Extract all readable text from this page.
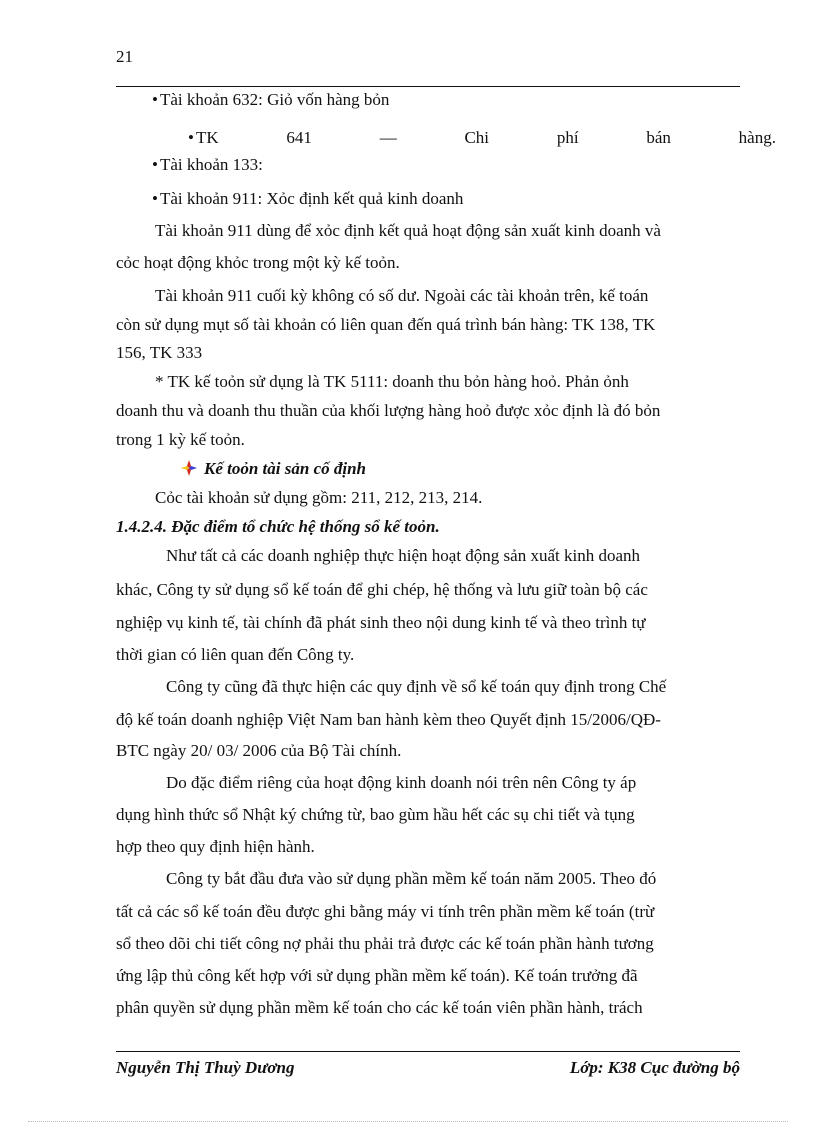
21
• Tài khoản 632: Giỏ vốn hàng bỏn
• TK	641	—	Chi	phí	bán	hàng.
• Tài khoản 133:
• Tài khoản 911: Xỏc định kết quả kinh doanh
Tài khoản 911 dùng để xỏc định kết quả hoạt động sản xuất kinh doanh và
cỏc hoạt động khỏc trong một kỳ kế toỏn.
Tài khoản 911 cuối kỳ không có số dư. Ngoài các tài khoản trên, kế toán
còn sử dụng mụt số tài khoản có liên quan đến quá trình bán hàng: TK 138, TK
156, TK 333
* TK kế toỏn sử dụng là TK 5111: doanh thu bỏn hàng hoỏ. Phản ỏnh
doanh thu và doanh thu thuần của khối lượng hàng hoỏ được xỏc định là đó bỏn
trong 1 kỳ kế toỏn.
Kế toỏn tài sản cố định
Cỏc tài khoản sử dụng gồm: 211, 212, 213, 214.
1.4.2.4. Đặc điểm tổ chức hệ thống sổ kế toỏn.
Như tất cả các doanh nghiệp thực hiện hoạt động sản xuất kinh doanh
khác, Công ty sử dụng sổ kế toán để ghi chép, hệ thống và lưu giữ toàn bộ các
nghiệp vụ kinh tế, tài chính đã phát sinh theo nội dung kinh tế và theo trình tự
thời gian có liên quan đến Công ty.
Công ty cũng đã thực hiện các quy định về sổ kế toán quy định trong Chế
độ kế toán doanh nghiệp Việt Nam ban hành kèm theo Quyết định 15/2006/QĐ-
BTC ngày 20/ 03/ 2006 của Bộ Tài chính.
Do đặc điểm riêng của hoạt động kinh doanh nói trên nên Công ty áp
dụng hình thức sổ Nhật ký chứng từ, bao gùm hầu hết các sụ chi tiết và tụng
hợp theo quy định hiện hành.
Công ty bắt đầu đưa vào sử dụng phần mềm kế toán năm 2005. Theo đó
tất cả các sổ kế toán đều được ghi bằng máy vi tính trên phần mềm kế toán (trừ
sổ theo dõi chi tiết công nợ phải thu phải trả được các kế toán phần hành tương
ứng lập thủ công kết hợp với sử dụng phần mềm kế toán). Kế toán trưởng đã
phân quyền sử dụng phần mềm kế toán cho các kế toán viên phần hành, trách
Nguyễn Thị Thuỳ Dương	Lớp: K38 Cục đường bộ
